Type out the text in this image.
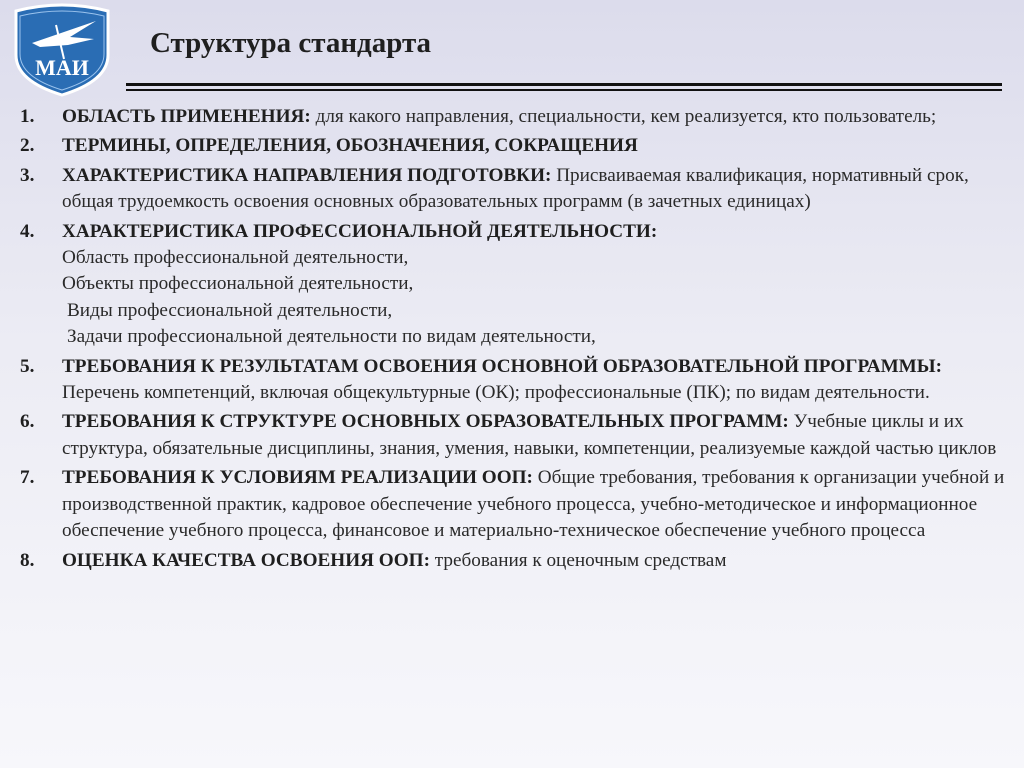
МАИ
Структура стандарта
1. ОБЛАСТЬ ПРИМЕНЕНИЯ: для какого направления, специальности, кем реализуется, кто пользователь;
2. ТЕРМИНЫ, ОПРЕДЕЛЕНИЯ, ОБОЗНАЧЕНИЯ, СОКРАЩЕНИЯ
3. ХАРАКТЕРИСТИКА НАПРАВЛЕНИЯ ПОДГОТОВКИ: Присваиваемая квалификация, нормативный срок, общая трудоемкость освоения основных образовательных программ (в зачетных единицах)
4. ХАРАКТЕРИСТИКА ПРОФЕССИОНАЛЬНОЙ ДЕЯТЕЛЬНОСТИ:
Область профессиональной деятельности,
Объекты профессиональной деятельности,
Виды профессиональной деятельности,
Задачи профессиональной деятельности по видам деятельности,
5. ТРЕБОВАНИЯ К РЕЗУЛЬТАТАМ ОСВОЕНИЯ ОСНОВНОЙ ОБРАЗОВАТЕЛЬНОЙ ПРОГРАММЫ: Перечень компетенций, включая общекультурные (ОК); профессиональные (ПК); по видам деятельности.
6. ТРЕБОВАНИЯ К СТРУКТУРЕ ОСНОВНЫХ ОБРАЗОВАТЕЛЬНЫХ ПРОГРАММ: Учебные циклы и их структура, обязательные дисциплины, знания, умения, навыки, компетенции, реализуемые каждой частью циклов
7. ТРЕБОВАНИЯ К УСЛОВИЯМ РЕАЛИЗАЦИИ ООП: Общие требования, требования к организации учебной и производственной практик, кадровое обеспечение учебного процесса, учебно-методическое и информационное обеспечение учебного процесса, финансовое и материально-техническое обеспечение учебного процесса
8. ОЦЕНКА КАЧЕСТВА ОСВОЕНИЯ ООП: требования к оценочным средствам
